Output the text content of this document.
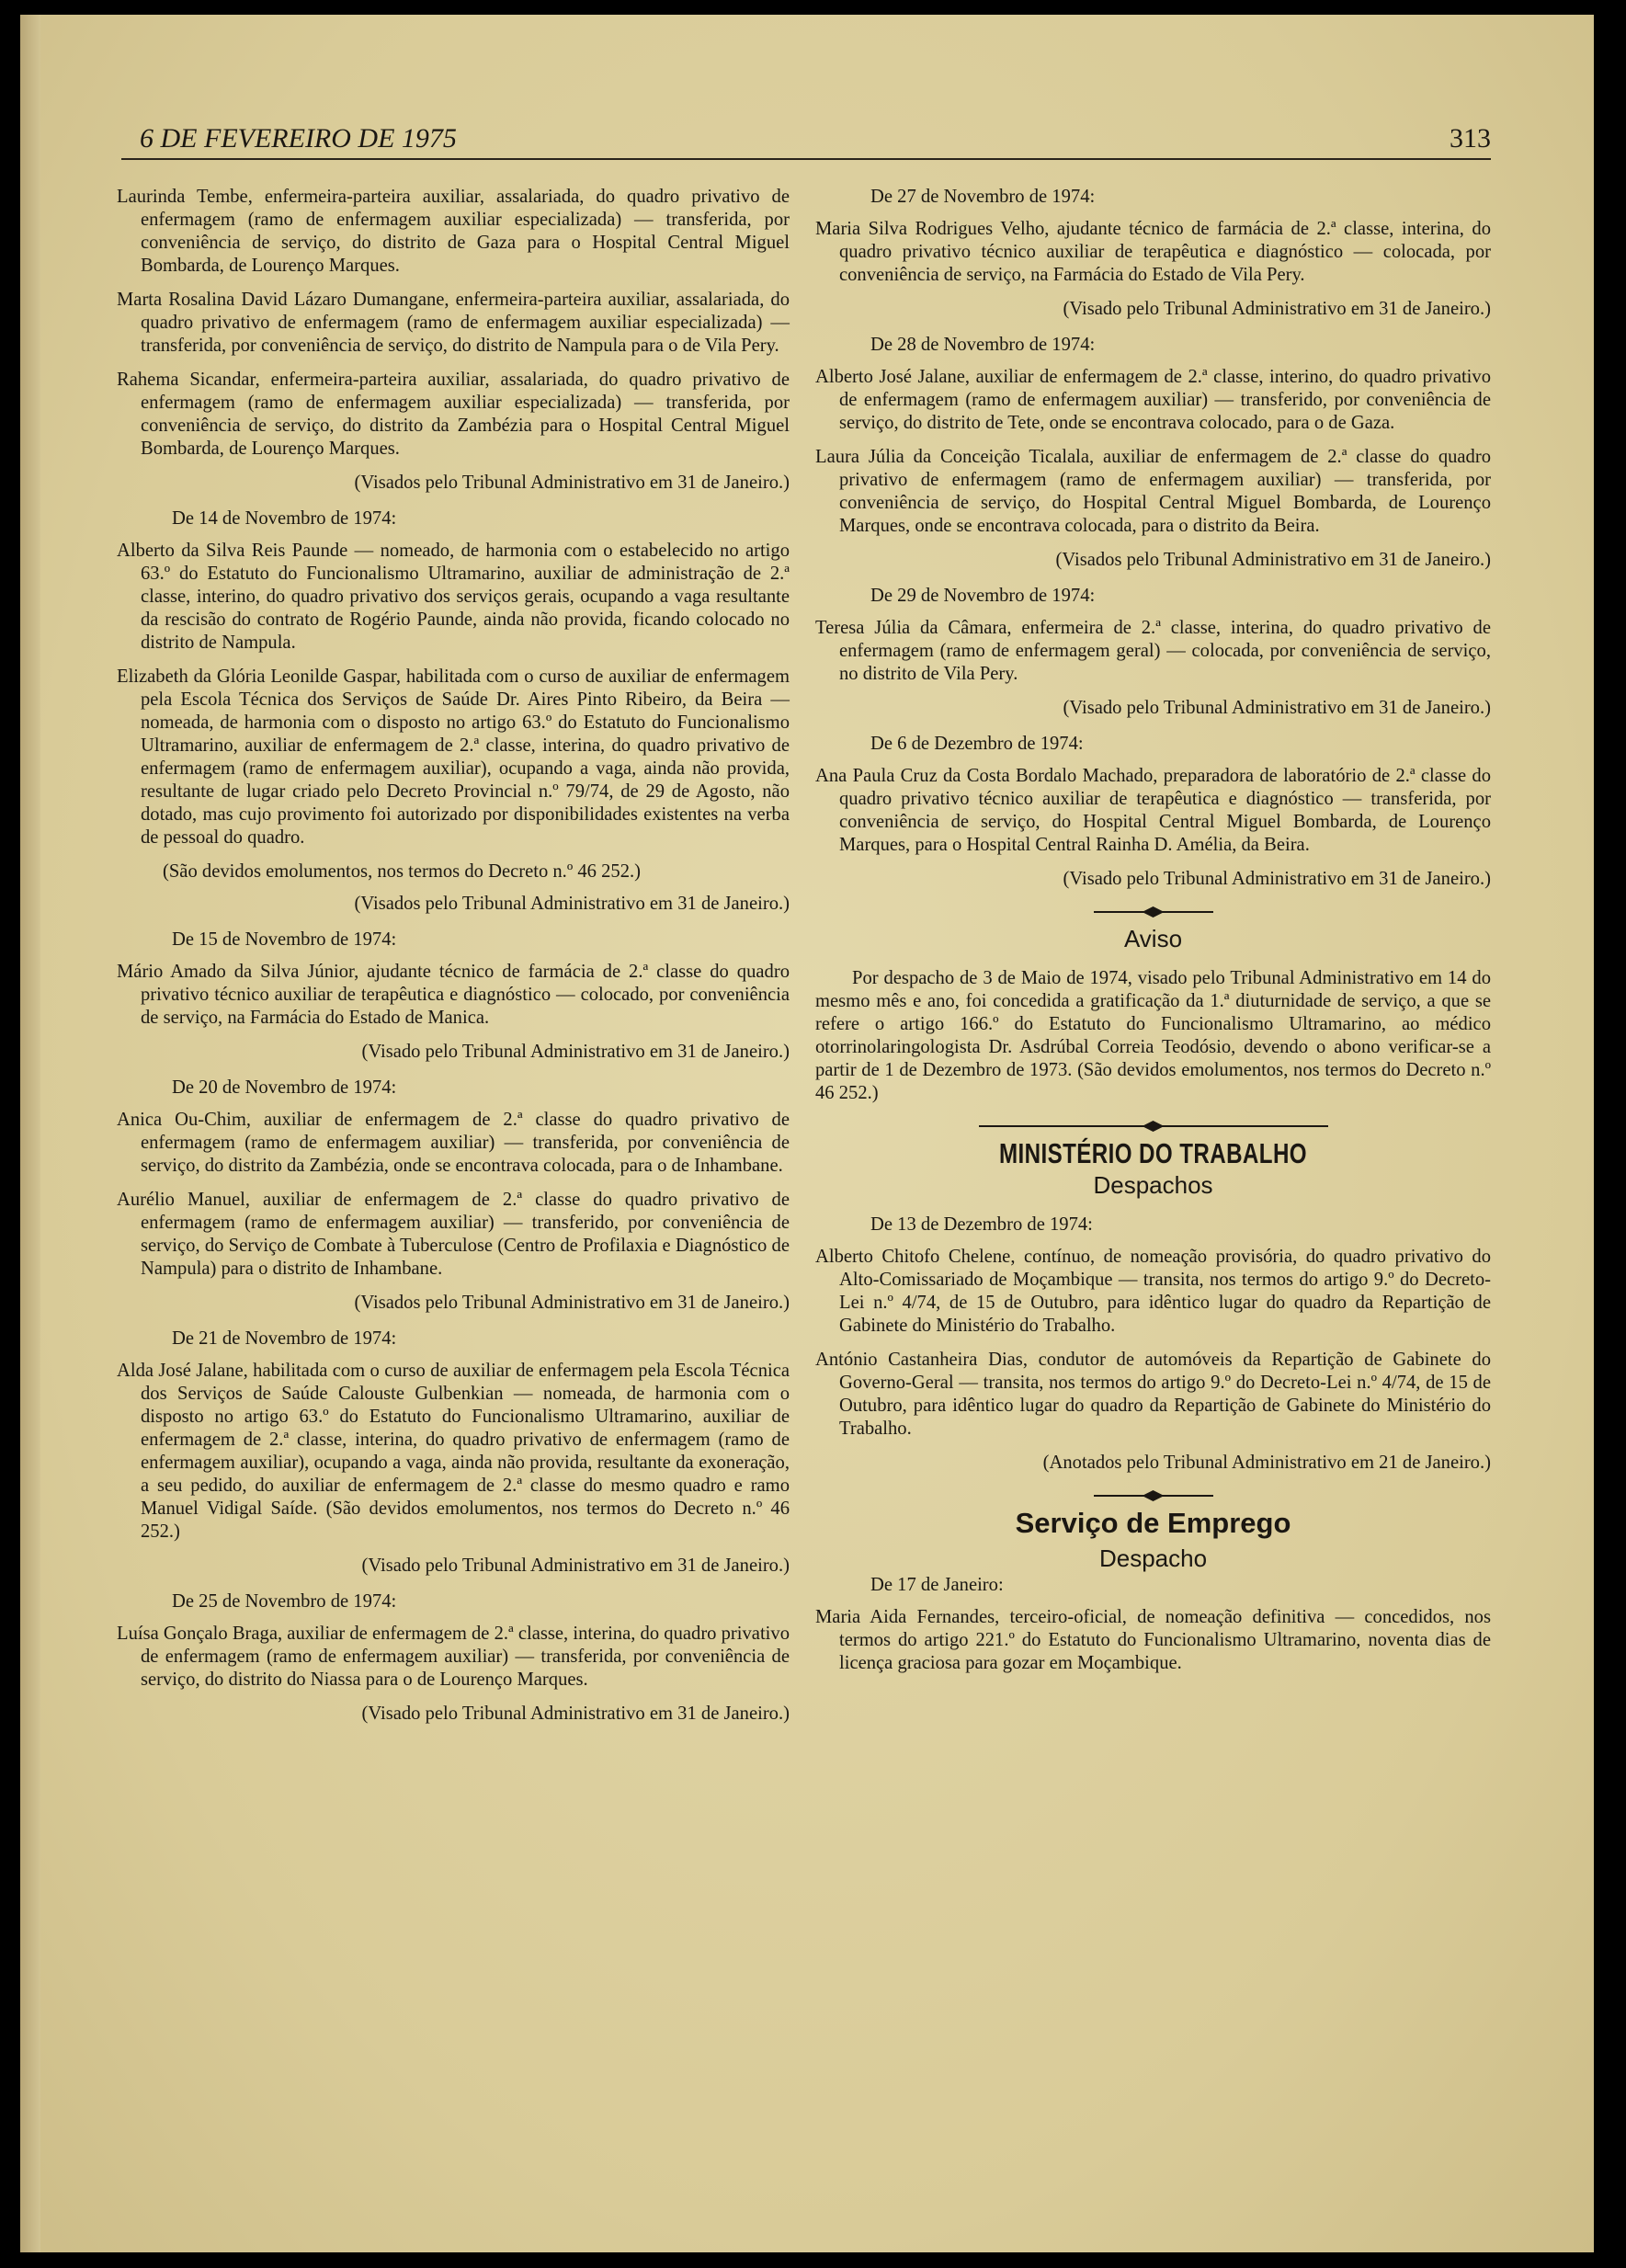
6 DE FEVEREIRO DE 1975	313

Laurinda Tembe, enfermeira-parteira auxiliar, assalariada, do quadro privativo de enfermagem (ramo de enfermagem auxiliar especializada) — transferida, por conveniência de serviço, do distrito de Gaza para o Hospital Central Miguel Bombarda, de Lourenço Marques.

Marta Rosalina David Lázaro Dumangane, enfermeira-parteira auxiliar, assalariada, do quadro privativo de enfermagem (ramo de enfermagem auxiliar especializada) — transferida, por conveniência de serviço, do distrito de Nampula para o de Vila Pery.

Rahema Sicandar, enfermeira-parteira auxiliar, assalariada, do quadro privativo de enfermagem (ramo de enfermagem auxiliar especializada) — transferida, por conveniência de serviço, do distrito da Zambézia para o Hospital Central Miguel Bombarda, de Lourenço Marques.

(Visados pelo Tribunal Administrativo em 31 de Janeiro.)

De 14 de Novembro de 1974:

Alberto da Silva Reis Paunde — nomeado, de harmonia com o estabelecido no artigo 63.º do Estatuto do Funcionalismo Ultramarino, auxiliar de administração de 2.ª classe, interino, do quadro privativo dos serviços gerais, ocupando a vaga resultante da rescisão do contrato de Rogério Paunde, ainda não provida, ficando colocado no distrito de Nampula.

Elizabeth da Glória Leonilde Gaspar, habilitada com o curso de auxiliar de enfermagem pela Escola Técnica dos Serviços de Saúde Dr. Aires Pinto Ribeiro, da Beira — nomeada, de harmonia com o disposto no artigo 63.º do Estatuto do Funcionalismo Ultramarino, auxiliar de enfermagem de 2.ª classe, interina, do quadro privativo de enfermagem (ramo de enfermagem auxiliar), ocupando a vaga, ainda não provida, resultante de lugar criado pelo Decreto Provincial n.º 79/74, de 29 de Agosto, não dotado, mas cujo provimento foi autorizado por disponibilidades existentes na verba de pessoal do quadro.

(São devidos emolumentos, nos termos do Decreto n.º 46 252.)

(Visados pelo Tribunal Administrativo em 31 de Janeiro.)

De 15 de Novembro de 1974:

Mário Amado da Silva Júnior, ajudante técnico de farmácia de 2.ª classe do quadro privativo técnico auxiliar de terapêutica e diagnóstico — colocado, por conveniência de serviço, na Farmácia do Estado de Manica.

(Visado pelo Tribunal Administrativo em 31 de Janeiro.)

De 20 de Novembro de 1974:

Anica Ou-Chim, auxiliar de enfermagem de 2.ª classe do quadro privativo de enfermagem (ramo de enfermagem auxiliar) — transferida, por conveniência de serviço, do distrito da Zambézia, onde se encontrava colocada, para o de Inhambane.

Aurélio Manuel, auxiliar de enfermagem de 2.ª classe do quadro privativo de enfermagem (ramo de enfermagem auxiliar) — transferido, por conveniência de serviço, do Serviço de Combate à Tuberculose (Centro de Profilaxia e Diagnóstico de Nampula) para o distrito de Inhambane.

(Visados pelo Tribunal Administrativo em 31 de Janeiro.)

De 21 de Novembro de 1974:

Alda José Jalane, habilitada com o curso de auxiliar de enfermagem pela Escola Técnica dos Serviços de Saúde Calouste Gulbenkian — nomeada, de harmonia com o disposto no artigo 63.º do Estatuto do Funcionalismo Ultramarino, auxiliar de enfermagem de 2.ª classe, interina, do quadro privativo de enfermagem (ramo de enfermagem auxiliar), ocupando a vaga, ainda não provida, resultante da exoneração, a seu pedido, do auxiliar de enfermagem de 2.ª classe do mesmo quadro e ramo Manuel Vidigal Saíde. (São devidos emolumentos, nos termos do Decreto n.º 46 252.)

(Visado pelo Tribunal Administrativo em 31 de Janeiro.)

De 25 de Novembro de 1974:

Luísa Gonçalo Braga, auxiliar de enfermagem de 2.ª classe, interina, do quadro privativo de enfermagem (ramo de enfermagem auxiliar) — transferida, por conveniência de serviço, do distrito do Niassa para o de Lourenço Marques.

(Visado pelo Tribunal Administrativo em 31 de Janeiro.)

De 27 de Novembro de 1974:

Maria Silva Rodrigues Velho, ajudante técnico de farmácia de 2.ª classe, interina, do quadro privativo técnico auxiliar de terapêutica e diagnóstico — colocada, por conveniência de serviço, na Farmácia do Estado de Vila Pery.

(Visado pelo Tribunal Administrativo em 31 de Janeiro.)

De 28 de Novembro de 1974:

Alberto José Jalane, auxiliar de enfermagem de 2.ª classe, interino, do quadro privativo de enfermagem (ramo de enfermagem auxiliar) — transferido, por conveniência de serviço, do distrito de Tete, onde se encontrava colocado, para o de Gaza.

Laura Júlia da Conceição Ticalala, auxiliar de enfermagem de 2.ª classe do quadro privativo de enfermagem (ramo de enfermagem auxiliar) — transferida, por conveniência de serviço, do Hospital Central Miguel Bombarda, de Lourenço Marques, onde se encontrava colocada, para o distrito da Beira.

(Visados pelo Tribunal Administrativo em 31 de Janeiro.)

De 29 de Novembro de 1974:

Teresa Júlia da Câmara, enfermeira de 2.ª classe, interina, do quadro privativo de enfermagem (ramo de enfermagem geral) — colocada, por conveniência de serviço, no distrito de Vila Pery.

(Visado pelo Tribunal Administrativo em 31 de Janeiro.)

De 6 de Dezembro de 1974:

Ana Paula Cruz da Costa Bordalo Machado, preparadora de laboratório de 2.ª classe do quadro privativo técnico auxiliar de terapêutica e diagnóstico — transferida, por conveniência de serviço, do Hospital Central Miguel Bombarda, de Lourenço Marques, para o Hospital Central Rainha D. Amélia, da Beira.

(Visado pelo Tribunal Administrativo em 31 de Janeiro.)

Aviso

Por despacho de 3 de Maio de 1974, visado pelo Tribunal Administrativo em 14 do mesmo mês e ano, foi concedida a gratificação da 1.ª diuturnidade de serviço, a que se refere o artigo 166.º do Estatuto do Funcionalismo Ultramarino, ao médico otorrinolaringologista Dr. Asdrúbal Correia Teodósio, devendo o abono verificar-se a partir de 1 de Dezembro de 1973. (São devidos emolumentos, nos termos do Decreto n.º 46 252.)

MINISTÉRIO DO TRABALHO
Despachos

De 13 de Dezembro de 1974:

Alberto Chitofo Chelene, contínuo, de nomeação provisória, do quadro privativo do Alto-Comissariado de Moçambique — transita, nos termos do artigo 9.º do Decreto-Lei n.º 4/74, de 15 de Outubro, para idêntico lugar do quadro da Repartição de Gabinete do Ministério do Trabalho.

António Castanheira Dias, condutor de automóveis da Repartição de Gabinete do Governo-Geral — transita, nos termos do artigo 9.º do Decreto-Lei n.º 4/74, de 15 de Outubro, para idêntico lugar do quadro da Repartição de Gabinete do Ministério do Trabalho.

(Anotados pelo Tribunal Administrativo em 21 de Janeiro.)

Serviço de Emprego
Despacho

De 17 de Janeiro:

Maria Aida Fernandes, terceiro-oficial, de nomeação definitiva — concedidos, nos termos do artigo 221.º do Estatuto do Funcionalismo Ultramarino, noventa dias de licença graciosa para gozar em Moçambique.
